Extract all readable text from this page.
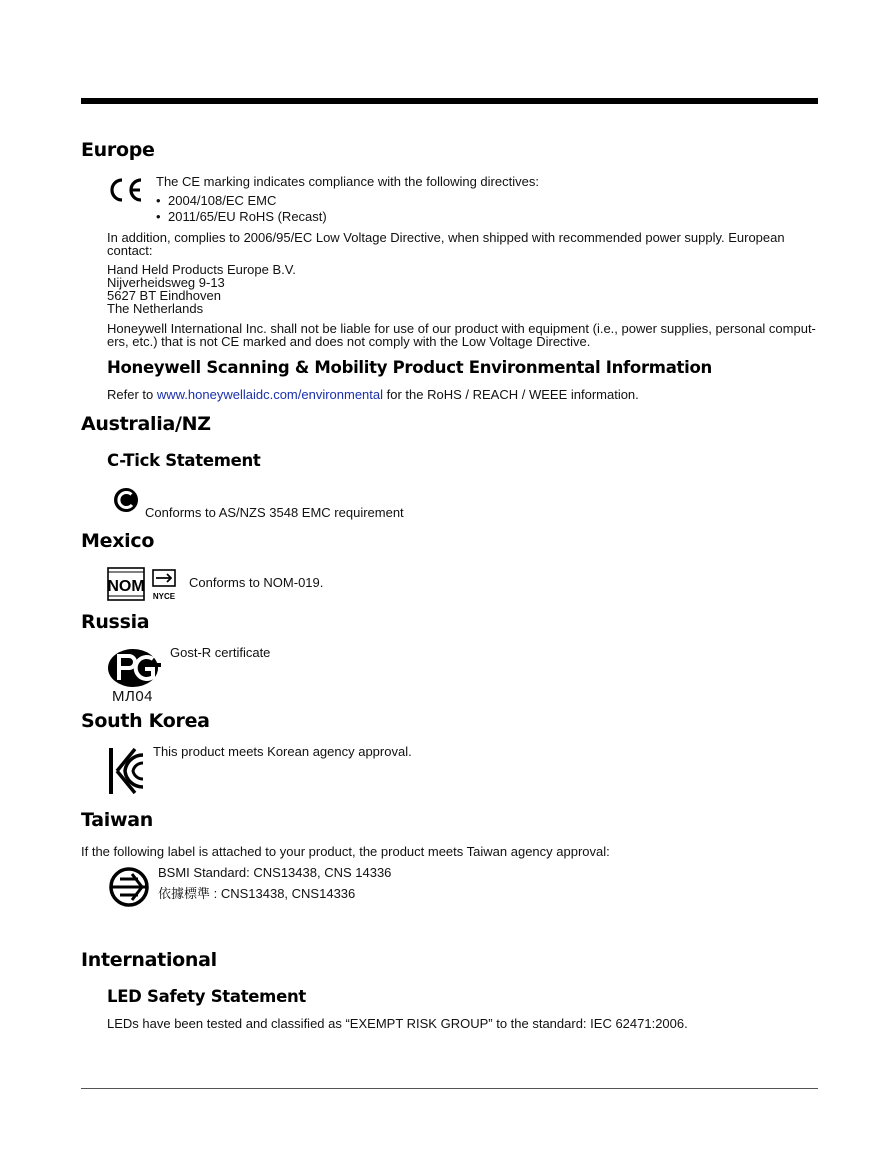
Europe
The CE marking indicates compliance with the following directives:
• 2004/108/EC EMC
• 2011/65/EU RoHS (Recast)
In addition, complies to 2006/95/EC Low Voltage Directive, when shipped with recommended power supply. European contact:
Hand Held Products Europe B.V.
Nijverheidsweg 9-13
5627 BT Eindhoven
The Netherlands
Honeywell International Inc. shall not be liable for use of our product with equipment (i.e., power supplies, personal comput-
ers, etc.) that is not CE marked and does not comply with the Low Voltage Directive.
Honeywell Scanning & Mobility Product Environmental Information
Refer to www.honeywellaidc.com/environmental for the RoHS / REACH / WEEE information.
Australia/NZ
C-Tick Statement
Conforms to AS/NZS 3548 EMC requirement
Mexico
NOM
NYCE
Conforms to NOM-019.
Russia
МЛ04
Gost-R certificate
South Korea
This product meets Korean agency approval.
Taiwan
If the following label is attached to your product, the product meets Taiwan agency approval:
BSMI Standard: CNS13438, CNS 14336
依據標準 : CNS13438, CNS14336
International
LED Safety Statement
LEDs have been tested and classified as “EXEMPT RISK GROUP” to the standard: IEC 62471:2006.
